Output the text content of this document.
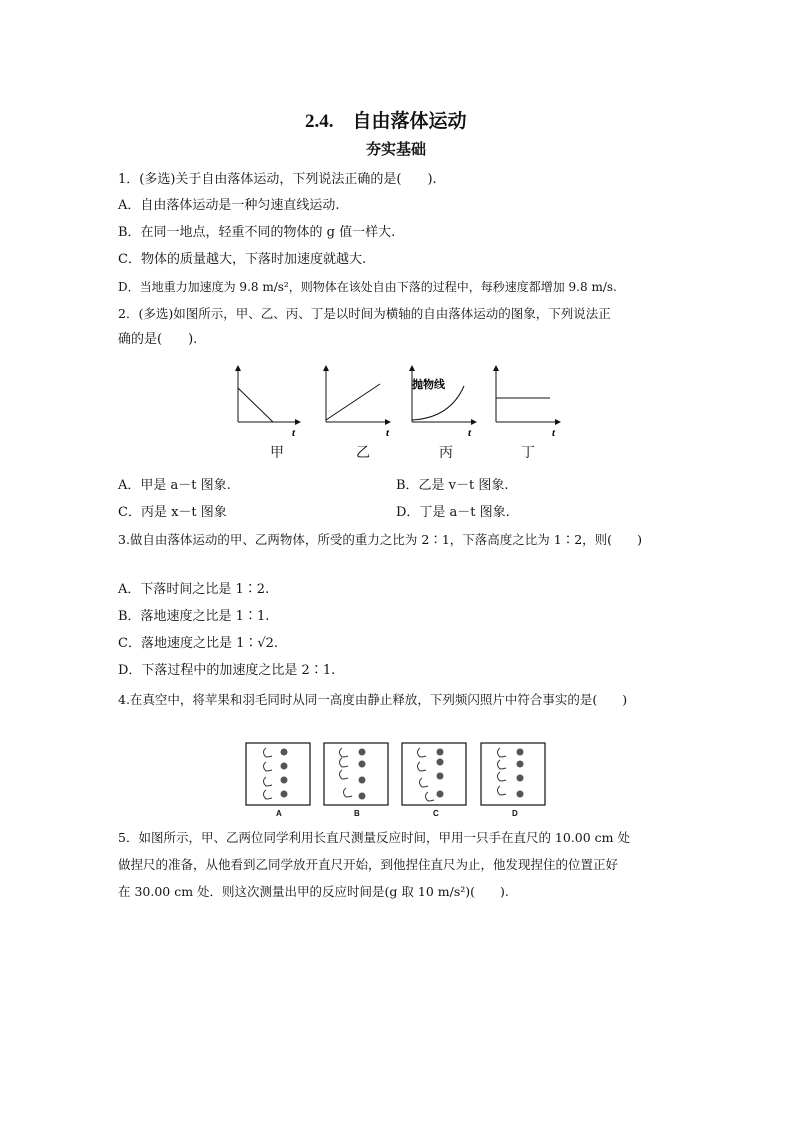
2.4.　自由落体运动
夯实基础
1．(多选)关于自由落体运动，下列说法正确的是(　　).
A．自由落体运动是一种匀速直线运动.
B．在同一地点，轻重不同的物体的 g 值一样大.
C．物体的质量越大，下落时加速度就越大.
D．当地重力加速度为 9.8 m/s²，则物体在该处自由下落的过程中，每秒速度都增加 9.8 m/s.
2．(多选)如图所示，甲、乙、丙、丁是以时间为横轴的自由落体运动的图象，下列说法正
确的是(　　).
t	t
抛物线
t	t
甲	乙	丙	丁
A．甲是 a－t 图象.	B．乙是 v－t 图象.
C．丙是 x－t 图象	D．丁是 a－t 图象.
3.做自由落体运动的甲、乙两物体，所受的重力之比为 2∶1，下落高度之比为 1∶2，则(　　)
A．下落时间之比是 1∶2.
B．落地速度之比是 1∶1.
C．落地速度之比是 1∶√2.
D．下落过程中的加速度之比是 2∶1.
4.在真空中，将苹果和羽毛同时从同一高度由静止释放，下列频闪照片中符合事实的是(　　)
A	B	C	D
5．如图所示，甲、乙两位同学利用长直尺测量反应时间，甲用一只手在直尺的 10.00 cm 处
做捏尺的准备，从他看到乙同学放开直尺开始，到他捏住直尺为止，他发现捏住的位置正好
在 30.00 cm 处．则这次测量出甲的反应时间是(g 取 10 m/s²)(　　).
